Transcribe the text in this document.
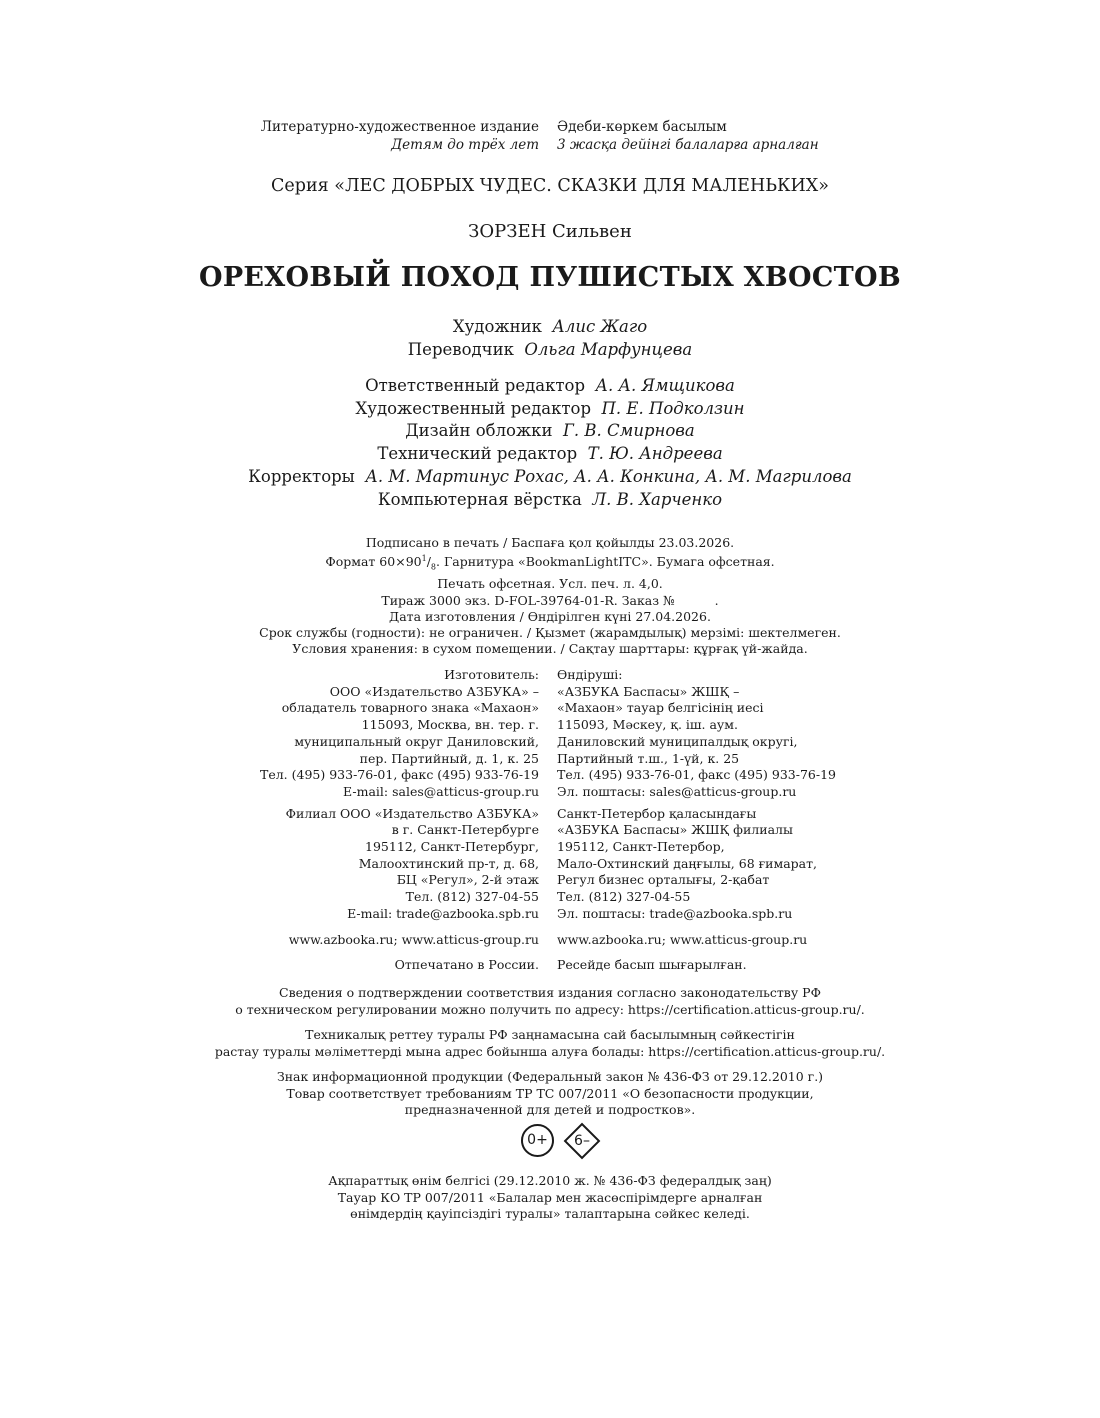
Литературно-художественное издание	Әдеби-көркем басылым
Детям до трёх лет	3 жасқа дейінгі балаларға арналған
Серия «ЛЕС ДОБРЫХ ЧУДЕС. СКАЗКИ ДЛЯ МАЛЕНЬКИХ»
ЗОРЗЕН Сильвен
ОРЕХОВЫЙ ПОХОД ПУШИСТЫХ ХВОСТОВ
Художник Алис Жаго
Переводчик Ольга Марфунцева
Ответственный редактор А. А. Ямщикова
Художественный редактор П. Е. Подколзин
Дизайн обложки Г. В. Смирнова
Технический редактор Т. Ю. Андреева
Корректоры А. М. Мартинус Рохас, А. А. Конкина, А. М. Магрилова
Компьютерная вёрстка Л. В. Харченко
Подписано в печать / Баспаға қол қойылды 23.03.2026.
Формат $60\times 90^1/_8$. Гарнитура «BookmanLightITC». Бумага офсетная.
Печать офсетная. Усл. печ. л. 4,0.
Тираж 3000 экз. D-FOL-39764-01-R. Заказ №          .
Дата изготовления / Өндірілген күні 27.04.2026.
Срок службы (годности): не ограничен. / Қызмет (жарамдылық) мерзімі: шектелмеген.
Условия хранения: в сухом помещении. / Сақтау шарттары: құрғақ үй-жайда.
Изготовитель:	Өндіруші:
ООО «Издательство АЗБУКА» –	«АЗБУКА Баспасы» ЖШҚ –
обладатель товарного знака «Махаон»	«Махаон» тауар белгісінің иесі
115093, Москва, вн. тер. г.	115093, Мәскеу, қ. іш. аум.
муниципальный округ Даниловский,	Даниловский муниципалдық округі,
пер. Партийный, д. 1, к. 25	Партийный т.ш., 1-үй, к. 25
Тел. (495) 933-76-01, факс (495) 933-76-19	Тел. (495) 933-76-01, факс (495) 933-76-19
E-mail: sales@atticus-group.ru	Эл. поштасы: sales@atticus-group.ru
Филиал ООО «Издательство АЗБУКА»	Санкт-Петербор қаласындағы
в г. Санкт-Петербурге	«АЗБУКА Баспасы» ЖШҚ филиалы
195112, Санкт-Петербург,	195112, Санкт-Петербор,
Малоохтинский пр-т, д. 68,	Мало-Охтинский даңғылы, 68 ғимарат,
БЦ «Регул», 2-й этаж	Регул бизнес орталығы, 2-қабат
Тел. (812) 327-04-55	Тел. (812) 327-04-55
E-mail: trade@azbooka.spb.ru	Эл. поштасы: trade@azbooka.spb.ru
www.azbooka.ru; www.atticus-group.ru	www.azbooka.ru; www.atticus-group.ru
Отпечатано в России.	Ресейде басып шығарылған.

Сведения о подтверждении соответствия издания согласно законодательству РФ
о техническом регулировании можно получить по адресу: https://certification.atticus-group.ru/.

Техникалық реттеу туралы РФ заңнамасына сай басылымның сәйкестігін
растау туралы мәліметтерді мына адрес бойынша алуға болады: https://certification.atticus-group.ru/.

Знак информационной продукции (Федеральный закон № 436-ФЗ от 29.12.2010 г.)
Товар соответствует требованиям ТР ТС 007/2011 «О безопасности продукции,
предназначенной для детей и подростков».

0+	6–
Ақпараттық өнім белгісі (29.12.2010 ж. № 436-ФЗ федералдық заң)
Тауар КО ТР 007/2011 «Балалар мен жасөспірімдерге арналған
өнімдердің қауіпсіздігі туралы» талаптарына сәйкес келеді.
